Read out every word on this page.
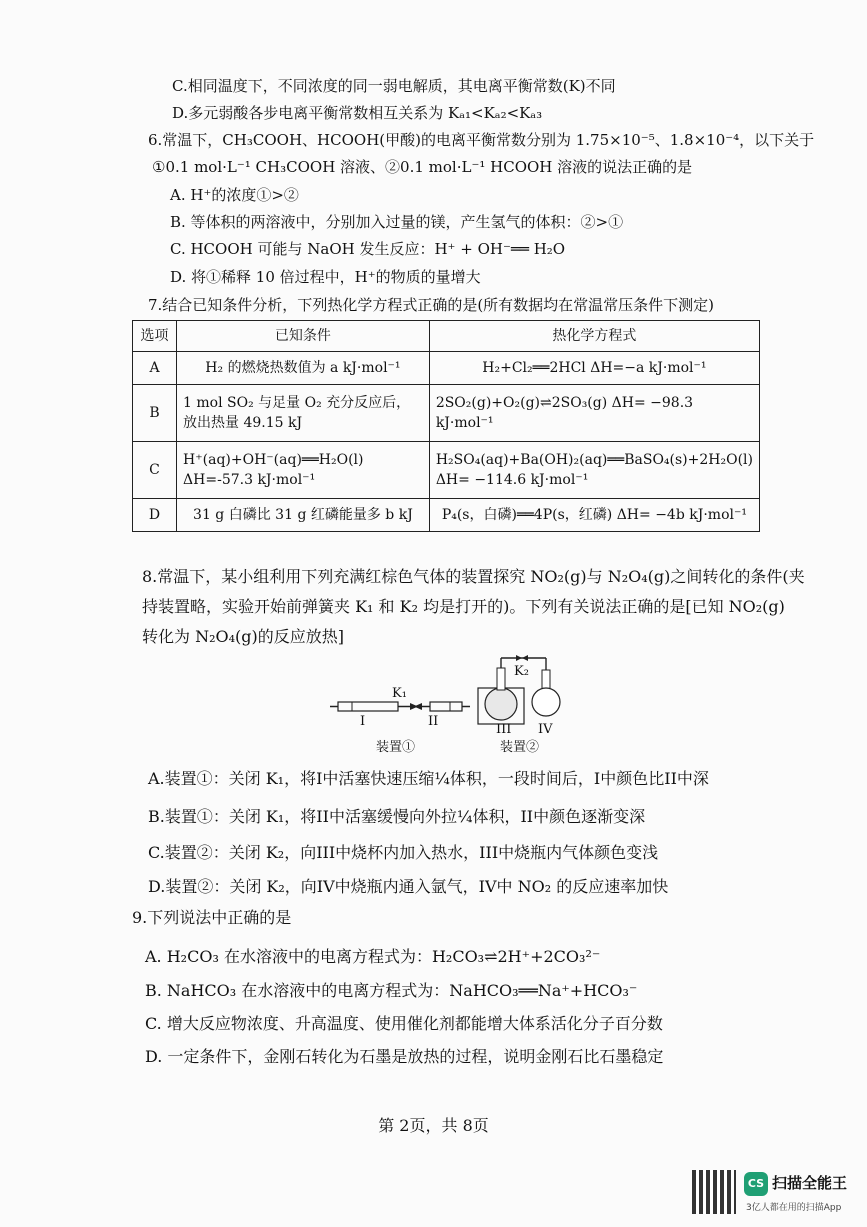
C.相同温度下，不同浓度的同一弱电解质，其电离平衡常数(K)不同
D.多元弱酸各步电离平衡常数相互关系为 Kₐ₁<Kₐ₂<Kₐ₃
6.常温下，CH₃COOH、HCOOH(甲酸)的电离平衡常数分别为 1.75×10⁻⁵、1.8×10⁻⁴，以下关于
①0.1 mol·L⁻¹ CH₃COOH 溶液、②0.1 mol·L⁻¹ HCOOH 溶液的说法正确的是
A. H⁺的浓度①>②
B. 等体积的两溶液中，分别加入过量的镁，产生氢气的体积：②>①
C. HCOOH 可能与 NaOH 发生反应：H⁺ + OH⁻══ H₂O
D. 将①稀释 10 倍过程中，H⁺的物质的量增大
7.结合已知条件分析，下列热化学方程式正确的是(所有数据均在常温常压条件下测定)
选项	已知条件	热化学方程式
A	H₂ 的燃烧热数值为 a kJ·mol⁻¹	H₂+Cl₂══2HCl ΔH=−a kJ·mol⁻¹
B	1 mol SO₂ 与足量 O₂ 充分反应后，放出热量 49.15 kJ	2SO₂(g)+O₂(g)⇌2SO₃(g) ΔH= −98.3 kJ·mol⁻¹
C	H⁺(aq)+OH⁻(aq)══H₂O(l) ΔH=-57.3 kJ·mol⁻¹	H₂SO₄(aq)+Ba(OH)₂(aq)══BaSO₄(s)+2H₂O(l) ΔH= −114.6 kJ·mol⁻¹
D	31 g 白磷比 31 g 红磷能量多 b kJ	P₄(s，白磷)══4P(s，红磷) ΔH= −4b kJ·mol⁻¹
8.常温下，某小组利用下列充满红棕色气体的装置探究 NO₂(g)与 N₂O₄(g)之间转化的条件(夹
持装置略，实验开始前弹簧夹 K₁ 和 K₂ 均是打开的)。下列有关说法正确的是[已知 NO₂(g)
转化为 N₂O₄(g)的反应放热]
K₁
I	II
K₂
III IV
装置①	装置②
A.装置①：关闭 K₁，将I中活塞快速压缩¼体积，一段时间后，I中颜色比II中深
B.装置①：关闭 K₁，将II中活塞缓慢向外拉¼体积，II中颜色逐渐变深
C.装置②：关闭 K₂，向III中烧杯内加入热水，III中烧瓶内气体颜色变浅
D.装置②：关闭 K₂，向IV中烧瓶内通入氩气，IV中 NO₂ 的反应速率加快
9.下列说法中正确的是
A. H₂CO₃ 在水溶液中的电离方程式为：H₂CO₃⇌2H⁺+2CO₃²⁻
B. NaHCO₃ 在水溶液中的电离方程式为：NaHCO₃══Na⁺+HCO₃⁻
C. 增大反应物浓度、升高温度、使用催化剂都能增大体系活化分子百分数
D. 一定条件下，金刚石转化为石墨是放热的过程，说明金刚石比石墨稳定
第 2页，共 8页
CS 扫描全能王
3亿人都在用的扫描App
